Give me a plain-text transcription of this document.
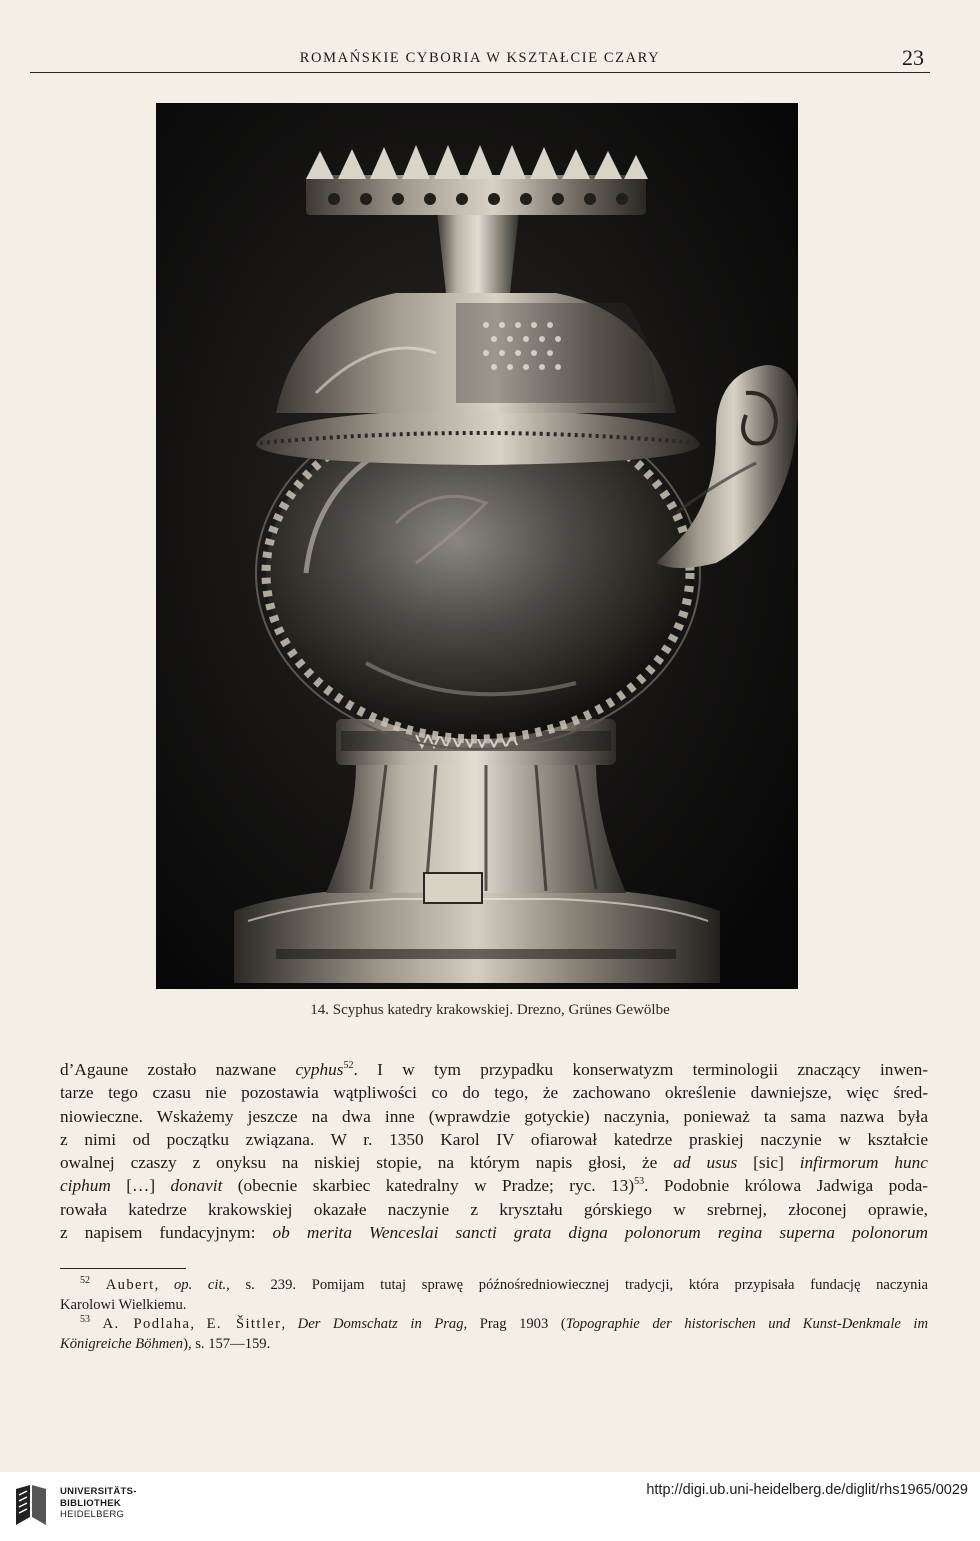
ROMAŃSKIE CYBORIA W KSZTAŁCIE CZARY	23
14. Scyphus katedry krakowskiej. Drezno, Grünes Gewölbe
d’Agaune zostało nazwane cyphus$^{52}$. I w tym przypadku konserwatyzm terminologii znaczący inwen-
tarze tego czasu nie pozostawia wątpliwości co do tego, że zachowano określenie dawniejsze, więc śred-
niowieczne. Wskażemy jeszcze na dwa inne (wprawdzie gotyckie) naczynia, ponieważ ta sama nazwa była
z nimi od początku związana. W r. 1350 Karol IV ofiarował katedrze praskiej naczynie w kształcie
owalnej czaszy z onyksu na niskiej stopie, na którym napis głosi, że ad usus [sic] infirmorum hunc
ciphum […] donavit (obecnie skarbiec katedralny w Pradze; ryc. 13)$^{53}$. Podobnie królowa Jadwiga poda-
rowała katedrze krakowskiej okazałe naczynie z kryształu górskiego w srebrnej, złoconej oprawie,
z napisem fundacyjnym: ob merita Wenceslai sancti grata digna polonorum regina superna polonorum
$^{52}$ Aubert, op. cit., s. 239. Pomijam tutaj sprawę późnośredniowiecznej tradycji, która przypisała fundację naczynia
Karolowi Wielkiemu.
$^{53}$ A. Podlaha, E. Šittler, Der Domschatz in Prag, Prag 1903 (Topographie der historischen und Kunst-Denkmale im
Königreiche Böhmen), s. 157—159.
UNIVERSITÄTS-
BIBLIOTHEK
HEIDELBERG
http://digi.ub.uni-heidelberg.de/diglit/rhs1965/0029
